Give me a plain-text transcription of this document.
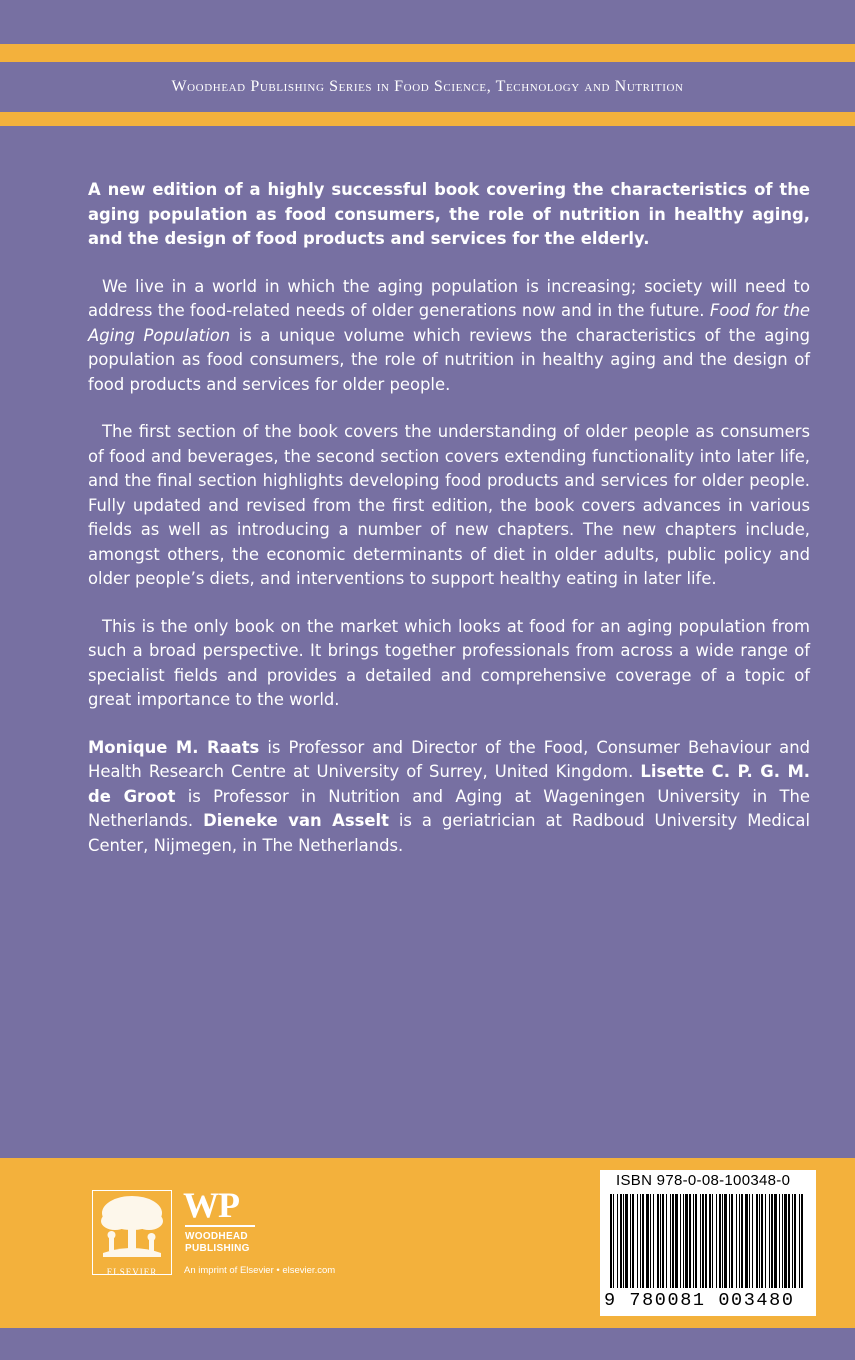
Woodhead Publishing Series in Food Science, Technology and Nutrition

A new edition of a highly successful book covering the characteristics of the aging population as food consumers, the role of nutrition in healthy aging, and the design of food products and services for the elderly.

We live in a world in which the aging population is increasing; society will need to address the food-related needs of older generations now and in the future. Food for the Aging Population is a unique volume which reviews the characteristics of the aging population as food consumers, the role of nutrition in healthy aging and the design of food products and services for older people.

The first section of the book covers the understanding of older people as consumers of food and beverages, the second section covers extending functionality into later life, and the final section highlights developing food products and services for older people. Fully updated and revised from the first edition, the book covers advances in various fields as well as introducing a number of new chapters. The new chapters include, amongst others, the economic determinants of diet in older adults, public policy and older people’s diets, and interventions to support healthy eating in later life.

This is the only book on the market which looks at food for an aging population from such a broad perspective. It brings together professionals from across a wide range of specialist fields and provides a detailed and comprehensive coverage of a topic of great importance to the world.

Monique M. Raats is Professor and Director of the Food, Consumer Behaviour and Health Research Centre at University of Surrey, United Kingdom. Lisette C. P. G. M. de Groot is Professor in Nutrition and Aging at Wageningen University in The Netherlands. Dieneke van Asselt is a geriatrician at Radboud University Medical Center, Nijmegen, in The Netherlands.

ELSEVIER
WP
WOODHEAD
PUBLISHING
An imprint of Elsevier • elsevier.com
ISBN 978-0-08-100348-0
9 780081 003480
